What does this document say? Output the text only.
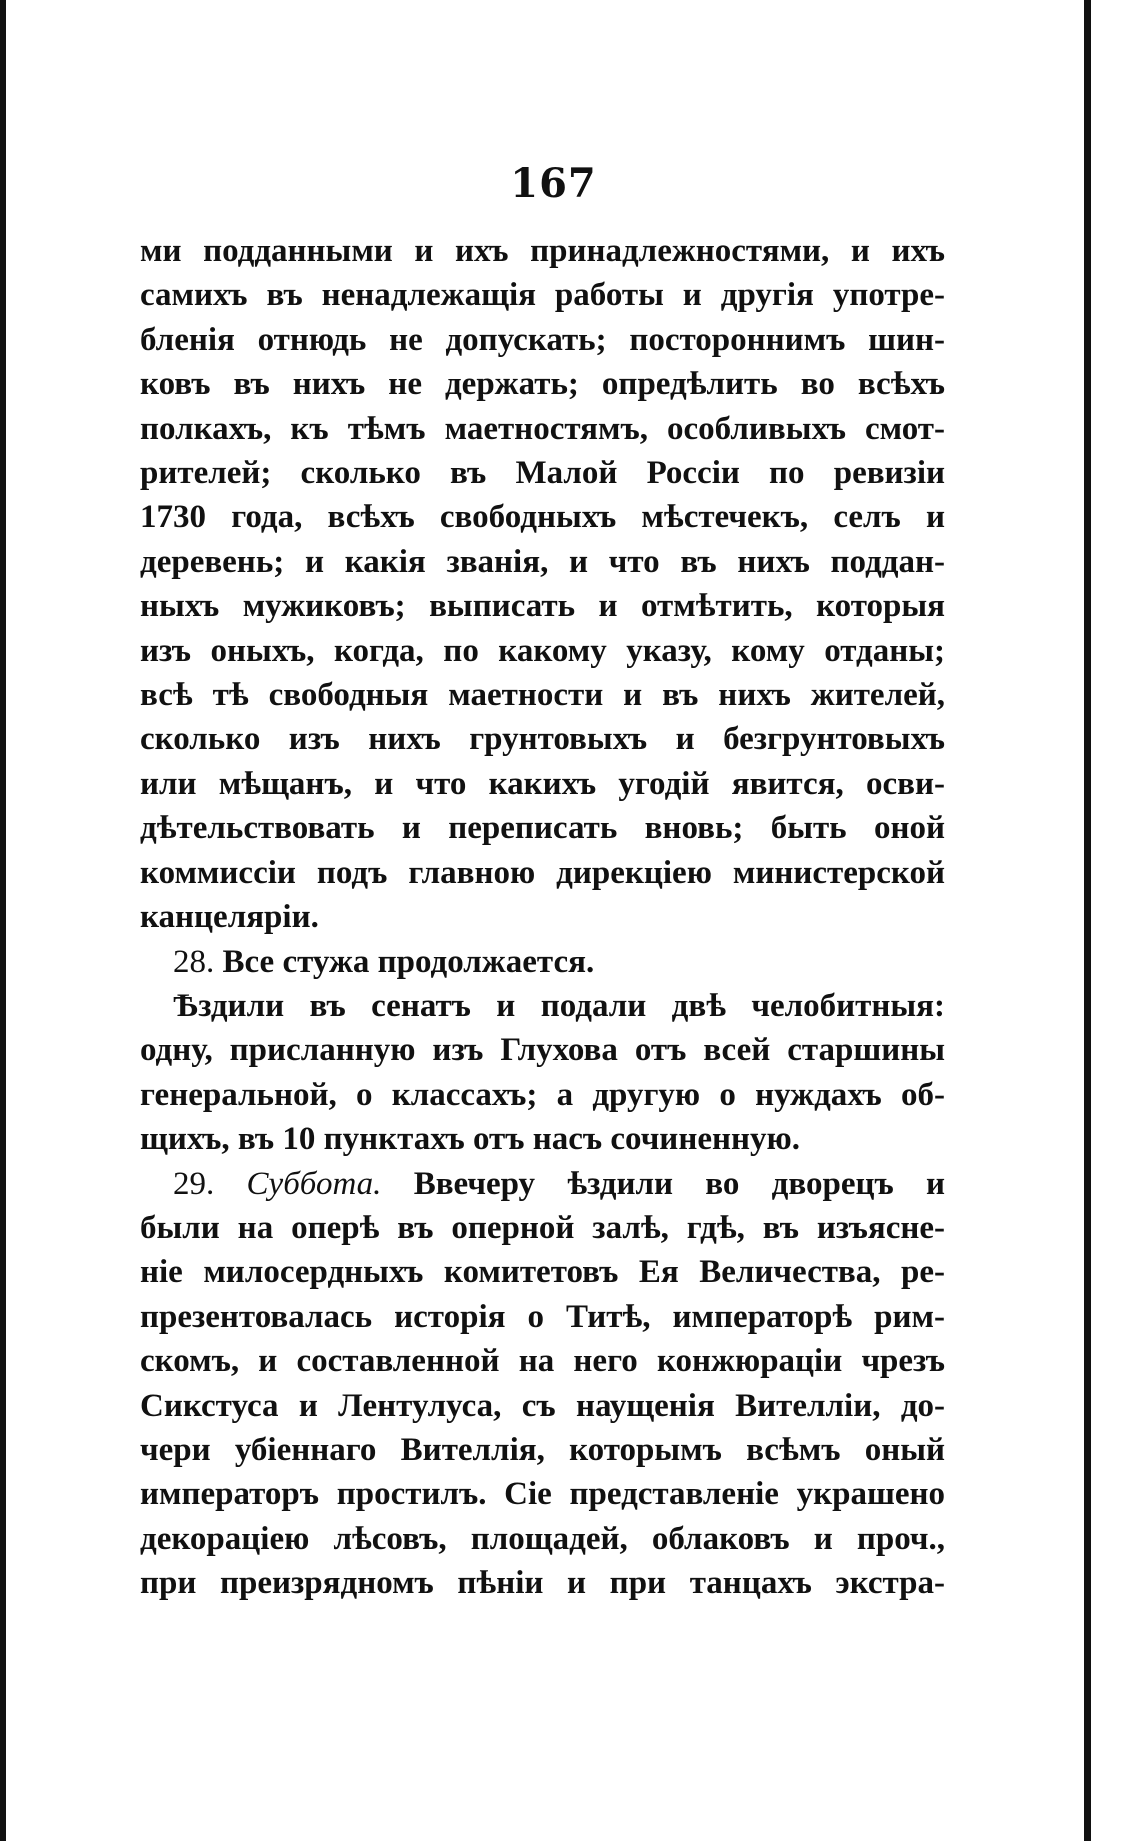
167

ми подданными и ихъ принадлежностями, и ихъ

самихъ въ ненадлежащія работы и другія употре-

бленія отнюдь не допускать; постороннимъ шин-

ковъ въ нихъ не держать; опредѣлить во всѣхъ

полкахъ, къ тѣмъ маетностямъ, особливыхъ смот-

рителей; сколько въ Малой Россіи по ревизіи

1730 года, всѣхъ свободныхъ мѣстечекъ, селъ и

деревень; и какія званія, и что въ нихъ поддан-

ныхъ мужиковъ; выписать и отмѣтить, которыя

изъ оныхъ, когда, по какому указу, кому отданы;

всѣ тѣ свободныя маетности и въ нихъ жителей,

сколько изъ нихъ грунтовыхъ и безгрунтовыхъ

или мѣщанъ, и что какихъ угодій явится, осви-

дѣтельствовать и переписать вновь; быть оной

коммиссіи подъ главною дирекціею министерской

канцеляріи.

28. Все стужа продолжается.

Ѣздили въ сенатъ и подали двѣ челобитныя:

одну, присланную изъ Глухова отъ всей старшины

генеральной, о классахъ; а другую о нуждахъ об-

щихъ, въ 10 пунктахъ отъ насъ сочиненную.

29. Суббота. Ввечеру ѣздили во дворецъ и

были на оперѣ въ оперной залѣ, гдѣ, въ изъясне-

ніе милосердныхъ комитетовъ Ея Величества, ре-

презентовалась исторія о Титѣ, императорѣ рим-

скомъ, и составленной на него конжюраціи чрезъ

Сикстуса и Лентулуса, съ наущенія Вителліи, до-

чери убіеннаго Вителлія, которымъ всѣмъ оный

императоръ простилъ. Сіе представленіе украшено

декораціею лѣсовъ, площадей, облаковъ и проч.,

при преизрядномъ пѣніи и при танцахъ экстра-
